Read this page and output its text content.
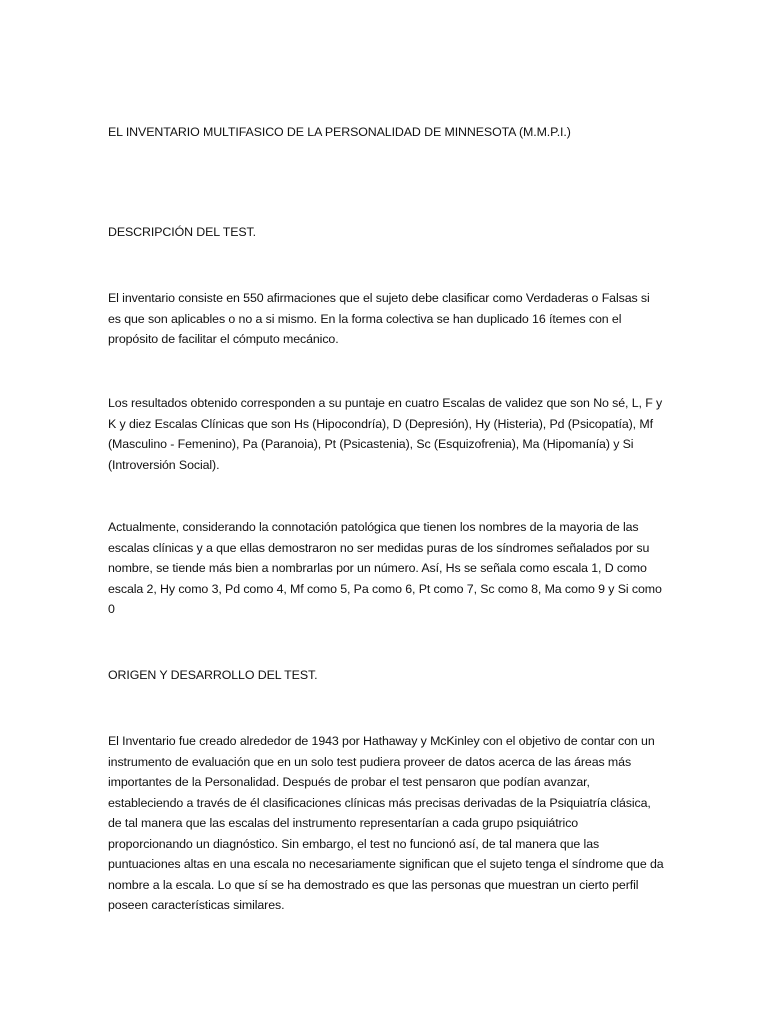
EL INVENTARIO MULTIFASICO DE LA PERSONALIDAD DE MINNESOTA (M.M.P.I.)

DESCRIPCIÓN DEL TEST.

El inventario consiste en 550 afirmaciones que el sujeto debe clasificar como Verdaderas o Falsas si es que son aplicables o no a si mismo. En la forma colectiva se han duplicado 16 ítemes con el propósito de facilitar el cómputo mecánico.

Los resultados obtenido corresponden a su puntaje en cuatro Escalas de validez que son No sé, L, F y K y diez Escalas Clínicas que son Hs (Hipocondría), D (Depresión), Hy (Histeria), Pd (Psicopatía), Mf (Masculino - Femenino), Pa (Paranoia), Pt (Psicastenia), Sc (Esquizofrenia), Ma (Hipomanía) y Si (Introversión Social).

Actualmente, considerando la connotación patológica que tienen los nombres de la mayoria de las escalas clínicas y a que ellas demostraron no ser medidas puras de los síndromes señalados por su nombre, se tiende más bien a nombrarlas por un número. Así, Hs se señala como escala 1, D como escala 2, Hy como 3, Pd como 4, Mf como 5, Pa como 6, Pt como 7, Sc como 8, Ma como 9 y Si como 0

ORIGEN Y DESARROLLO DEL TEST.

El Inventario fue creado alrededor de 1943 por Hathaway y McKinley con el objetivo de contar con un instrumento de evaluación que en un solo test pudiera proveer de datos acerca de las áreas más importantes de la Personalidad. Después de probar el test pensaron que podían avanzar, estableciendo a través de él clasificaciones clínicas más precisas derivadas de la Psiquiatría clásica, de tal manera que las escalas del instrumento representarían a cada grupo psiquiátrico proporcionando un diagnóstico. Sin embargo, el test no funcionó así, de tal manera que las puntuaciones altas en una escala no necesariamente significan que el sujeto tenga el síndrome que da nombre a la escala. Lo que sí se ha demostrado es que las personas que muestran un cierto perfil poseen características similares.
